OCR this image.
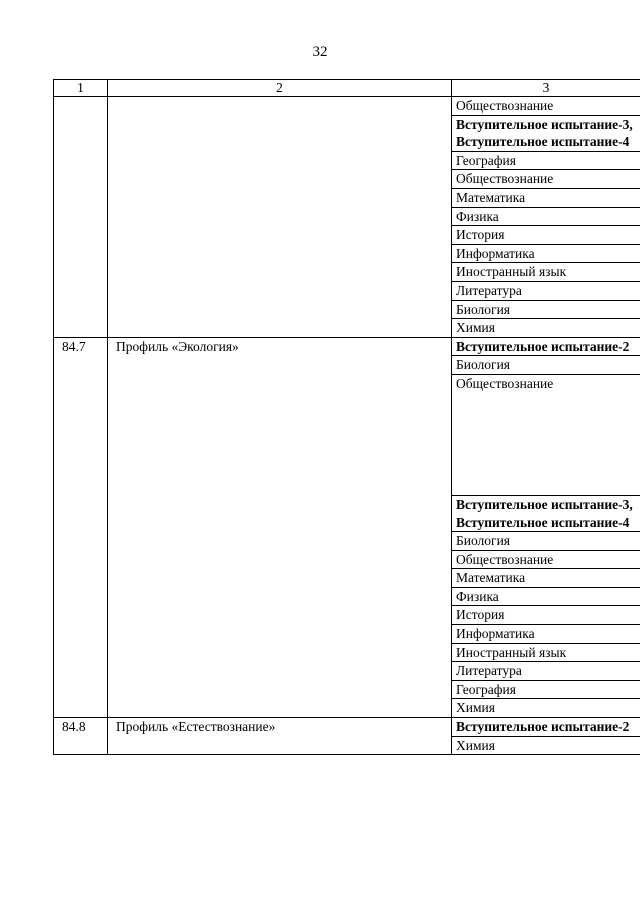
32
1	2	3
		Обществознание
		Вступительное испытание-3, Вступительное испытание-4
		География
		Обществознание
		Математика
		Физика
		История
		Информатика
		Иностранный язык
		Литература
		Биология
		Химия
84.7	Профиль «Экология»	Вступительное испытание-2
		Биология
		Обществознание
		Вступительное испытание-3, Вступительное испытание-4
		Биология
		Обществознание
		Математика
		Физика
		История
		Информатика
		Иностранный язык
		Литература
		География
		Химия
84.8	Профиль «Естествознание»	Вступительное испытание-2
		Химия
